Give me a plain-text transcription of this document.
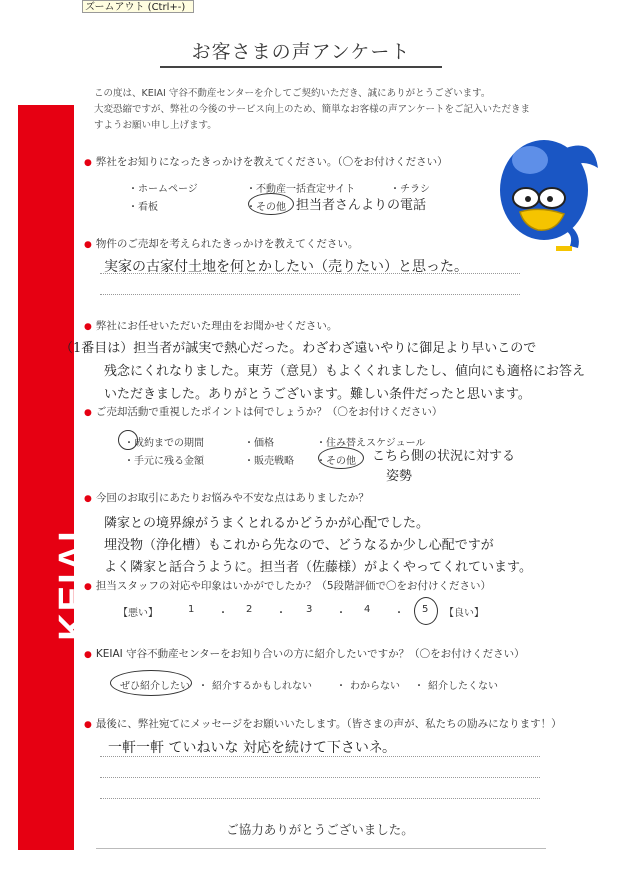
ズームアウト (Ctrl+-)
KEIAI
お客さまの声アンケート
この度は、KEIAI 守谷不動産センターを介してご契約いただき、誠にありがとうございます。
大変恐縮ですが、弊社の今後のサービス向上のため、簡単なお客様の声アンケートをご記入いただきま
すようお願い申し上げます。
● 弊社をお知りになったきっかけを教えてください。（〇をお付けください）
・ホームページ	・不動産一括査定サイト	・チラシ
・看板	・その他 担当者さんよりの電話
● 物件のご売却を考えられたきっかけを教えてください。
実家の古家付土地を何とかしたい（売りたい）と思った。
● 弊社にお任せいただいた理由をお聞かせください。
（1番目は）担当者が誠実で熱心だった。わざわざ遠いやりに御足より早いこので
残念にくれなりました。東芳（意見）もよくくれましたし、値向にも適格にお答え
いただきました。ありがとうございます。難しい条件だったと思います。
● ご売却活動で重視したポイントは何でしょうか？（〇をお付けください）
・成約までの期間	・価格	・住み替えスケジュール
・手元に残る金額	・販売戦略 ・その他 こちら側の状況に対する
姿勢
● 今回のお取引にあたりお悩みや不安な点はありましたか？
隣家との境界線がうまくとれるかどうかが心配でした。
埋没物（浄化槽）もこれから先なので、どうなるか少し心配ですが
よく隣家と話合うように。担当者（佐藤様）がよくやってくれています。
● 担当スタッフの対応や印象はいかがでしたか？（5段階評価で〇をお付けください）
【悪い】	1 ・ 2 ・ 3 ・ 4 ・ 5 【良い】
● KEIAI 守谷不動産センターをお知り合いの方に紹介したいですか？（〇をお付けください）
ぜひ紹介したい ・ 紹介するかもしれない ・ わからない ・ 紹介したくない
● 最後に、弊社宛てにメッセージをお願いいたします。（皆さまの声が、私たちの励みになります！）
一軒一軒 ていねいな 対応を続けて下さいネ。
ご協力ありがとうございました。
